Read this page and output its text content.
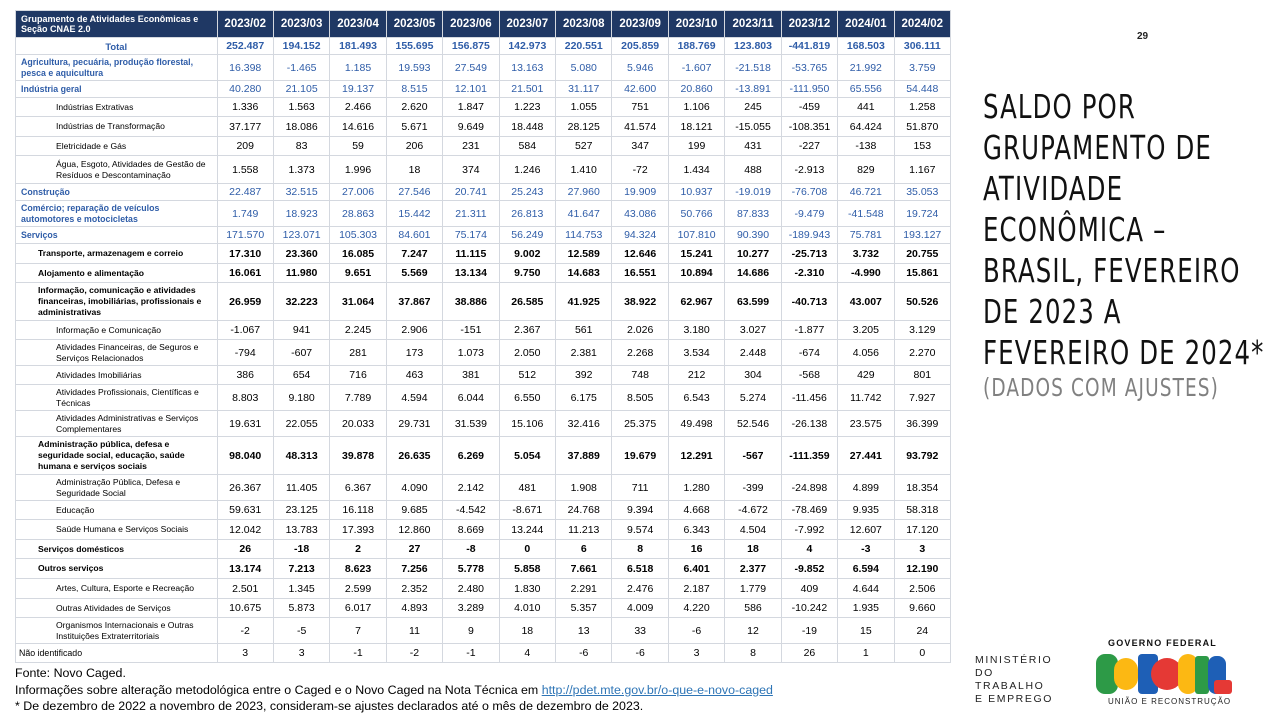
Grupamento de Atividades Econômicas e Seção CNAE 2.0	2023/02	2023/03	2023/04	2023/05	2023/06	2023/07	2023/08	2023/09	2023/10	2023/11	2023/12	2024/01	2024/02
Total	252.487	194.152	181.493	155.695	156.875	142.973	220.551	205.859	188.769	123.803	-441.819	168.503	306.111
Agricultura, pecuária, produção florestal, pesca e aquicultura	16.398	-1.465	1.185	19.593	27.549	13.163	5.080	5.946	-1.607	-21.518	-53.765	21.992	3.759
Indústria geral	40.280	21.105	19.137	8.515	12.101	21.501	31.117	42.600	20.860	-13.891	-111.950	65.556	54.448
Indústrias Extrativas	1.336	1.563	2.466	2.620	1.847	1.223	1.055	751	1.106	245	-459	441	1.258
Indústrias de Transformação	37.177	18.086	14.616	5.671	9.649	18.448	28.125	41.574	18.121	-15.055	-108.351	64.424	51.870
Eletricidade e Gás	209	83	59	206	231	584	527	347	199	431	-227	-138	153
Água, Esgoto, Atividades de Gestão de Resíduos e Descontaminação	1.558	1.373	1.996	18	374	1.246	1.410	-72	1.434	488	-2.913	829	1.167
Construção	22.487	32.515	27.006	27.546	20.741	25.243	27.960	19.909	10.937	-19.019	-76.708	46.721	35.053
Comércio; reparação de veículos automotores e motocicletas	1.749	18.923	28.863	15.442	21.311	26.813	41.647	43.086	50.766	87.833	-9.479	-41.548	19.724
Serviços	171.570	123.071	105.303	84.601	75.174	56.249	114.753	94.324	107.810	90.390	-189.943	75.781	193.127
Transporte, armazenagem e correio	17.310	23.360	16.085	7.247	11.115	9.002	12.589	12.646	15.241	10.277	-25.713	3.732	20.755
Alojamento e alimentação	16.061	11.980	9.651	5.569	13.134	9.750	14.683	16.551	10.894	14.686	-2.310	-4.990	15.861
Informação, comunicação e atividades financeiras, imobiliárias, profissionais e administrativas	26.959	32.223	31.064	37.867	38.886	26.585	41.925	38.922	62.967	63.599	-40.713	43.007	50.526
Informação e Comunicação	-1.067	941	2.245	2.906	-151	2.367	561	2.026	3.180	3.027	-1.877	3.205	3.129
Atividades Financeiras, de Seguros e Serviços Relacionados	-794	-607	281	173	1.073	2.050	2.381	2.268	3.534	2.448	-674	4.056	2.270
Atividades Imobiliárias	386	654	716	463	381	512	392	748	212	304	-568	429	801
Atividades Profissionais, Científicas e Técnicas	8.803	9.180	7.789	4.594	6.044	6.550	6.175	8.505	6.543	5.274	-11.456	11.742	7.927
Atividades Administrativas e Serviços Complementares	19.631	22.055	20.033	29.731	31.539	15.106	32.416	25.375	49.498	52.546	-26.138	23.575	36.399
Administração pública, defesa e seguridade social, educação, saúde humana e serviços sociais	98.040	48.313	39.878	26.635	6.269	5.054	37.889	19.679	12.291	-567	-111.359	27.441	93.792
Administração Pública, Defesa e Seguridade Social	26.367	11.405	6.367	4.090	2.142	481	1.908	711	1.280	-399	-24.898	4.899	18.354
Educação	59.631	23.125	16.118	9.685	-4.542	-8.671	24.768	9.394	4.668	-4.672	-78.469	9.935	58.318
Saúde Humana e Serviços Sociais	12.042	13.783	17.393	12.860	8.669	13.244	11.213	9.574	6.343	4.504	-7.992	12.607	17.120
Serviços domésticos	26	-18	2	27	-8	0	6	8	16	18	4	-3	3
Outros serviços	13.174	7.213	8.623	7.256	5.778	5.858	7.661	6.518	6.401	2.377	-9.852	6.594	12.190
Artes, Cultura, Esporte e Recreação	2.501	1.345	2.599	2.352	2.480	1.830	2.291	2.476	2.187	1.779	409	4.644	2.506
Outras Atividades de Serviços	10.675	5.873	6.017	4.893	3.289	4.010	5.357	4.009	4.220	586	-10.242	1.935	9.660
Organismos Internacionais e Outras Instituições Extraterritoriais	-2	-5	7	11	9	18	13	33	-6	12	-19	15	24
Não identificado	3	3	-1	-2	-1	4	-6	-6	3	8	26	1	0
Fonte: Novo Caged.
Informações sobre alteração metodológica entre o Caged e o Novo Caged na Nota Técnica em http://pdet.mte.gov.br/o-que-e-novo-caged
* De dezembro de 2022 a novembro de 2023, consideram-se ajustes declarados até o mês de dezembro de 2023.
29
SALDO POR
GRUPAMENTO DE
ATIVIDADE
ECONÔMICA –
BRASIL, FEVEREIRO
DE 2023 A
FEVEREIRO DE 2024*
(DADOS COM AJUSTES)
MINISTÉRIO DO
TRABALHO
E EMPREGO
GOVERNO FEDERAL
UNIÃO E RECONSTRUÇÃO
